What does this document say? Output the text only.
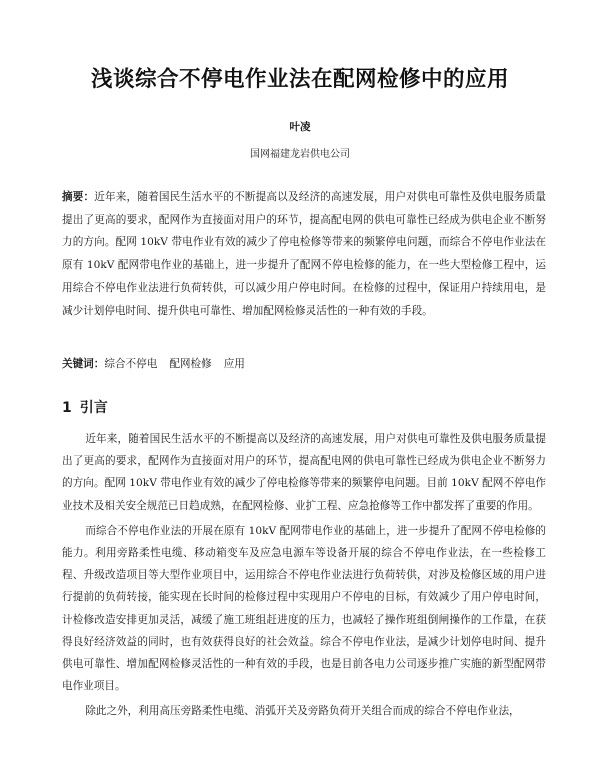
浅谈综合不停电作业法在配网检修中的应用
叶凌
国网福建龙岩供电公司
摘要：近年来，随着国民生活水平的不断提高以及经济的高速发展，用户对供电可靠性及供电服务质量提出了更高的要求，配网作为直接面对用户的环节，提高配电网的供电可靠性已经成为供电企业不断努力的方向。配网 10kV 带电作业有效的减少了停电检修等带来的频繁停电问题，而综合不停电作业法在原有 10kV 配网带电作业的基础上，进一步提升了配网不停电检修的能力，在一些大型检修工程中，运用综合不停电作业法进行负荷转供，可以减少用户停电时间。在检修的过程中，保证用户持续用电，是减少计划停电时间、提升供电可靠性、增加配网检修灵活性的一种有效的手段。
关键词：综合不停电 配网检修 应用
1 引言

近年来，随着国民生活水平的不断提高以及经济的高速发展，用户对供电可靠性及供电服务质量提出了更高的要求，配网作为直接面对用户的环节，提高配电网的供电可靠性已经成为供电企业不断努力的方向。配网 10kV 带电作业有效的减少了停电检修等带来的频繁停电问题。目前 10kV 配网不停电作业技术及相关安全规范已日趋成熟，在配网检修、业扩工程、应急抢修等工作中都发挥了重要的作用。

而综合不停电作业法的开展在原有 10kV 配网带电作业的基础上，进一步提升了配网不停电检修的能力。利用旁路柔性电缆、移动箱变车及应急电源车等设备开展的综合不停电作业法，在一些检修工程、升级改造项目等大型作业项目中，运用综合不停电作业法进行负荷转供，对涉及检修区域的用户进行提前的负荷转接，能实现在长时间的检修过程中实现用户不停电的目标，有效减少了用户停电时间，计检修改造安排更加灵活，减缓了施工班组赶进度的压力，也减轻了操作班组倒闸操作的工作量，在获得良好经济效益的同时，也有效获得良好的社会效益。综合不停电作业法，是减少计划停电时间、提升供电可靠性、增加配网检修灵活性的一种有效的手段，也是目前各电力公司逐步推广实施的新型配网带电作业项目。

除此之外，利用高压旁路柔性电缆、消弧开关及旁路负荷开关组合而成的综合不停电作业法，
